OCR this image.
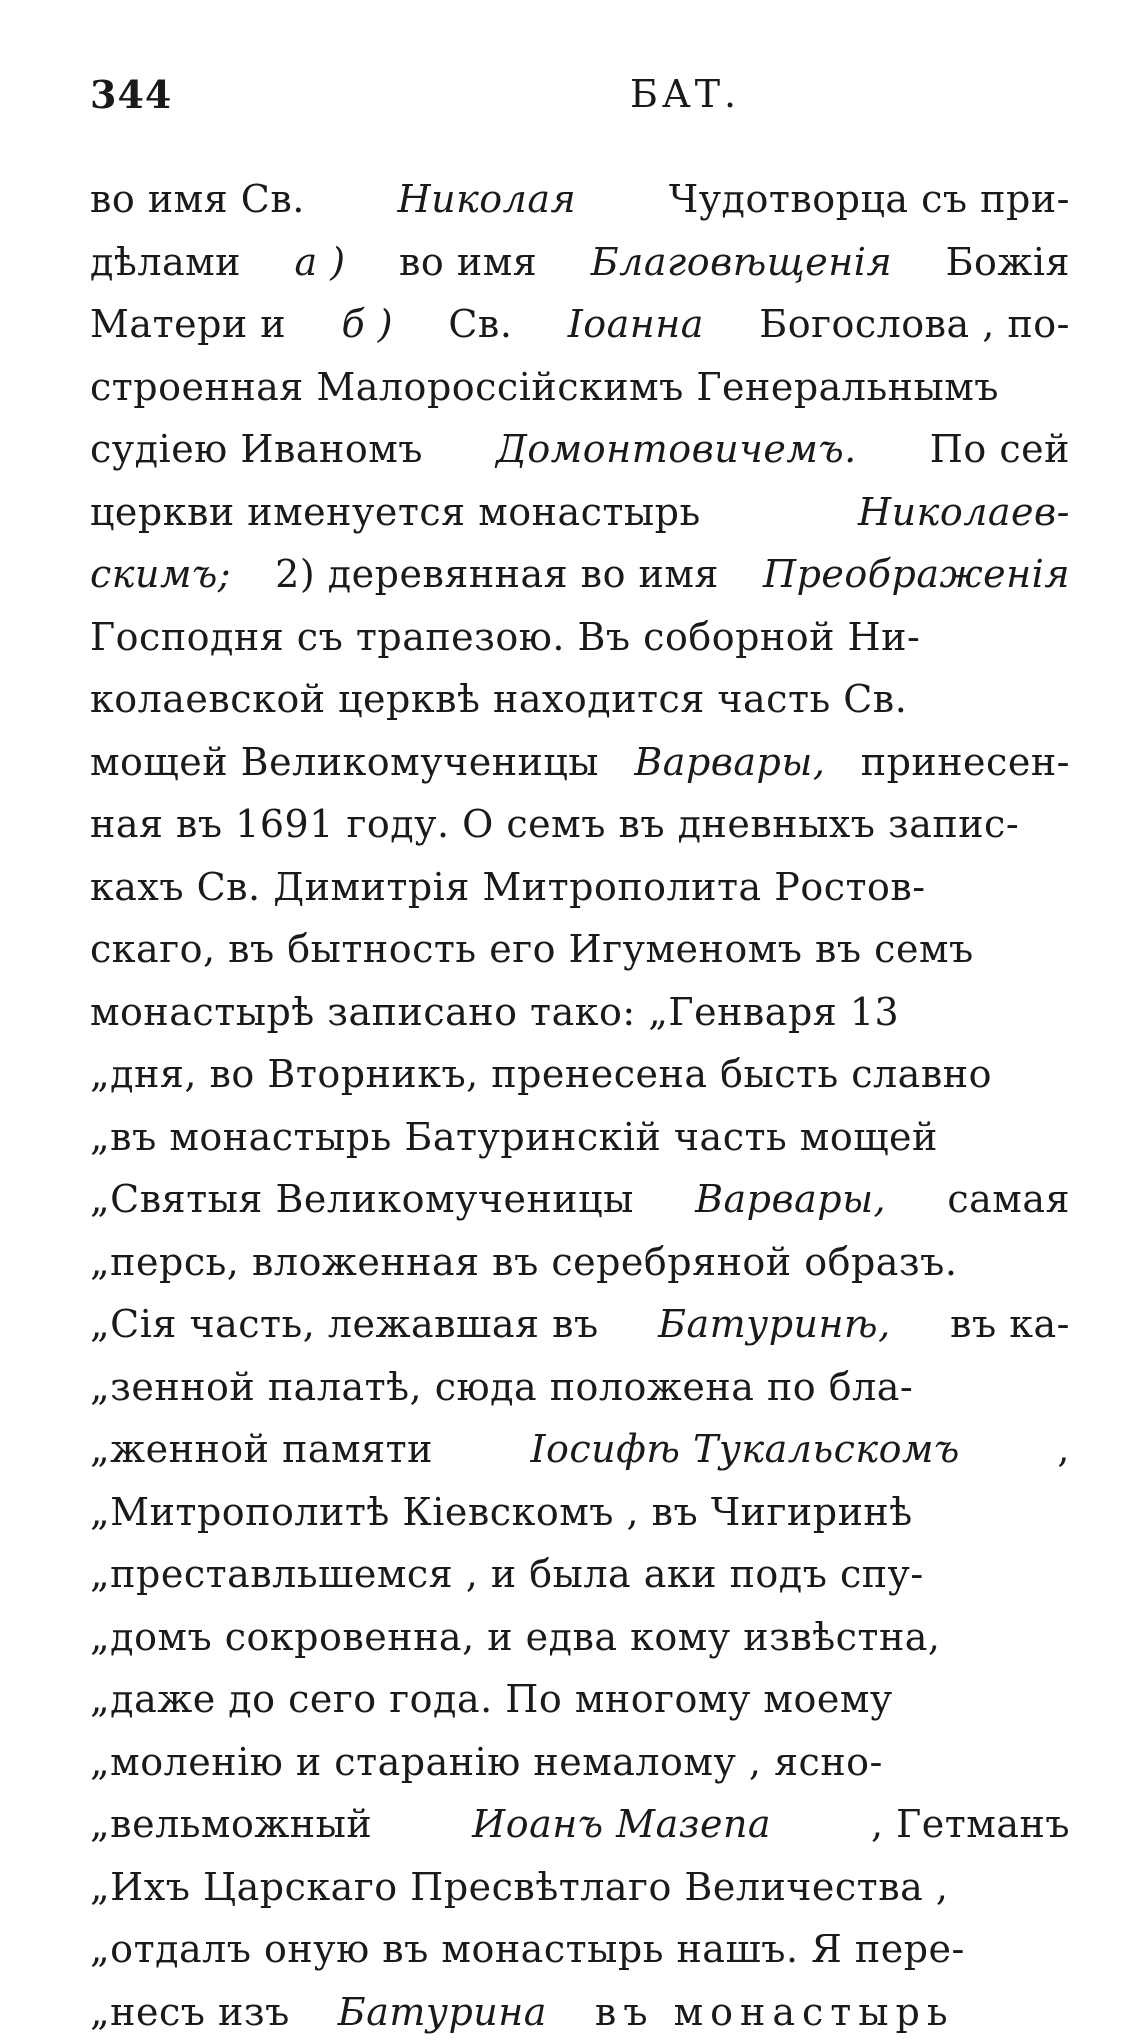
344	БАТ.
во имя Св. Николая Чудотворца съ при-
дѣлами а ) во имя Благовѣщенія Божія
Матери и б ) Св. Іоанна Богослова , по-
строенная Малороссійскимъ Генеральнымъ
судіею Иваномъ Домонтовичемъ. По сей
церкви именуется монастырь	Николаев-
скимъ; 2) деревянная во имя Преображенія
Господня съ трапезою. Въ соборной Ни-
колаевской церквѣ находится часть Св.
мощей Великомученицы Варвары, принесен-
ная въ 1691 году. О семъ въ дневныхъ запис-
кахъ Св. Димитрія Митрополита Ростов-
скаго, въ бытность его Игуменомъ въ семъ
монастырѣ записано тако: „Генваря 13
„дня, во Вторникъ, пренесена бысть славно
„въ монастырь Батуринскій часть мощей
„Святыя Великомученицы Варвары, самая
„персь, вложенная въ серебряной образъ.
„Сія часть, лежавшая въ Батуринѣ, въ ка-
„зенной палатѣ, сюда положена по бла-
„женной памяти	Іосифѣ Тукальскомъ	,
„Митрополитѣ Кіевскомъ , въ Чигиринѣ
„преставльшемся , и была аки подъ спу-
„домъ сокровенна, и едва кому извѣстна,
„даже до сего года. По многому моему
„моленію и стаpанію немалому , ясно-
„вельможный	Иоанъ Мазепа	, Гетманъ
„Ихъ Царскаго Пресвѣтлаго Величества ,
„отдалъ оную въ монастырь нашъ. Я пере-
„несъ изъ Батурина въ монастырь
